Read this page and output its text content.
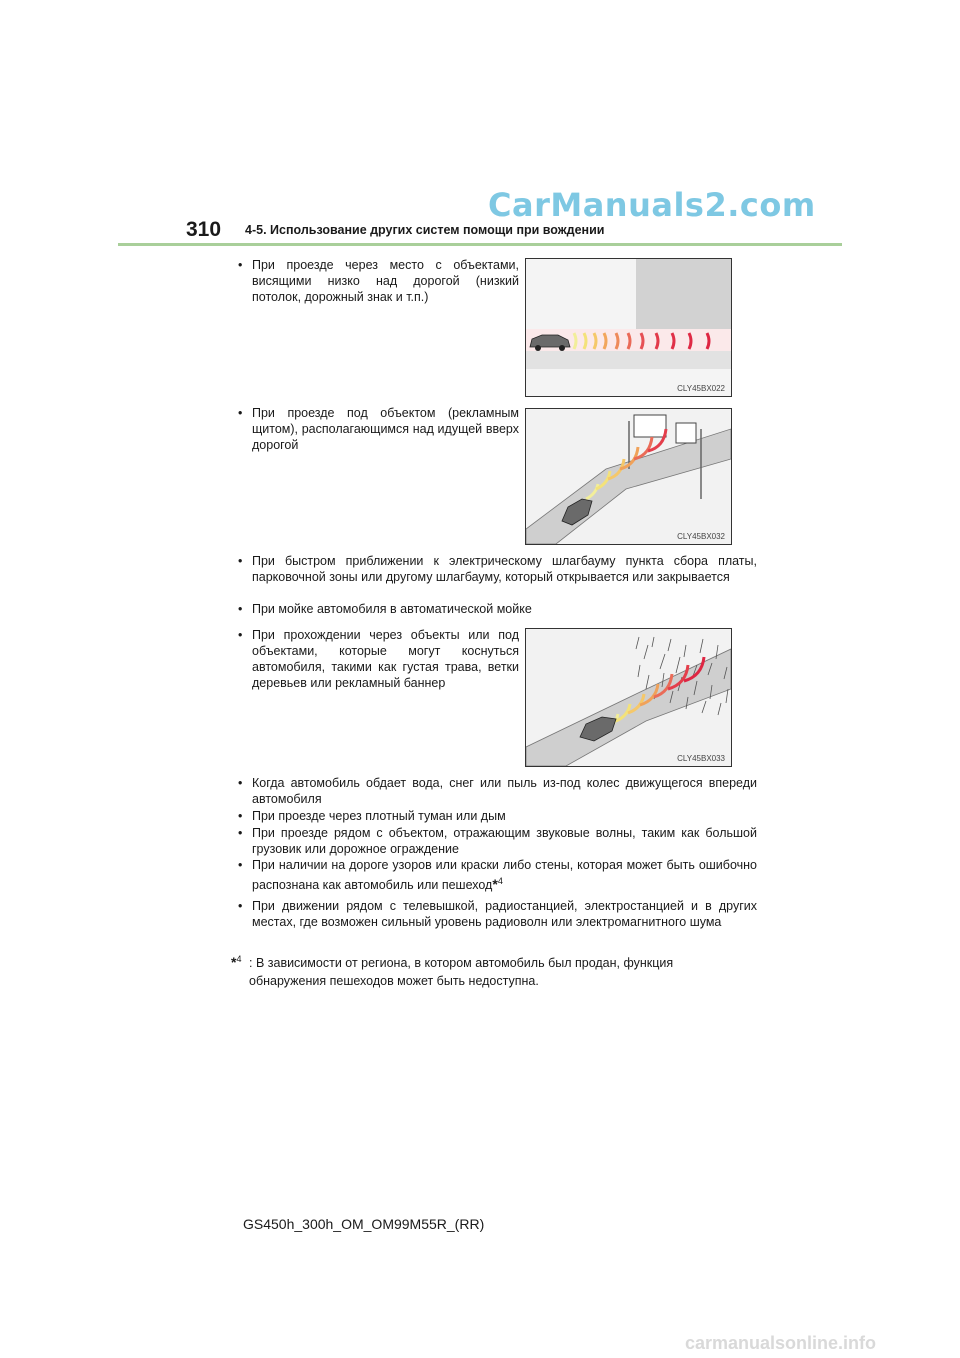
CarManuals2.com
310 4-5. Использование других систем помощи при вождении
• При проезде через место с объектами, висящими низко над дорогой (низкий потолок, дорожный знак и т.п.)
CLY45BX022
• При проезде под объектом (рекламным щитом), располагающимся над идущей вверх дорогой
CLY45BX032
• При быстром приближении к электрическому шлагбауму пункта сбора платы, парковочной зоны или другому шлагбауму, который открывается или закрывается
• При мойке автомобиля в автоматической мойке
• При прохождении через объекты или под объектами, которые могут коснуться автомобиля, такими как густая трава, ветки деревьев или рекламный баннер
CLY45BX033
• Когда автомобиль обдает вода, снег или пыль из-под колес движущегося впереди автомобиля
• При проезде через плотный туман или дым
• При проезде рядом с объектом, отражающим звуковые волны, таким как большой грузовик или дорожное ограждение
• При наличии на дороге узоров или краски либо стены, которая может быть ошибочно распознана как автомобиль или пешеход*$^4$
• При движении рядом с телевышкой, радиостанцией, электростанцией и в других местах, где возможен сильный уровень радиоволн или электромагнитного шума
*$^4$ : В зависимости от региона, в котором автомобиль был продан, функция обнаружения пешеходов может быть недоступна.
GS450h_300h_OM_OM99M55R_(RR)
carmanualsonline.info
